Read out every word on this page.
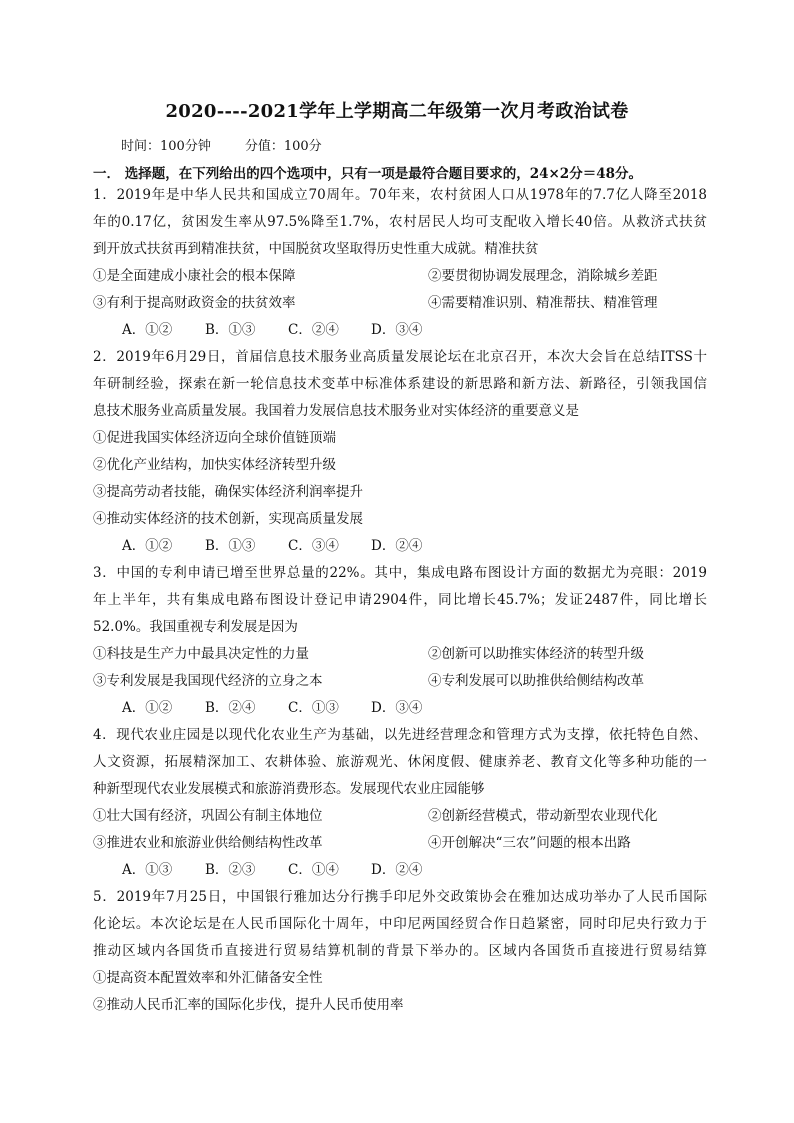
2020----2021学年上学期高二年级第一次月考政治试卷
时间：100分钟	分值：100分
一． 选择题，在下列给出的四个选项中，只有一项是最符合题目要求的，24×2分＝48分。
1．2019年是中华人民共和国成立70周年。70年来，农村贫困人口从1978年的7.7亿人降至2018
年的0.17亿，贫困发生率从97.5%降至1.7%，农村居民人均可支配收入增长40倍。从救济式扶贫
到开放式扶贫再到精准扶贫，中国脱贫攻坚取得历史性重大成就。精准扶贫
①是全面建成小康社会的根本保障	②要贯彻协调发展理念，消除城乡差距
③有利于提高财政资金的扶贫效率	④需要精准识别、精准帮扶、精准管理
A．①②	B．①③	C．②④	D．③④
2．2019年6月29日，首届信息技术服务业高质量发展论坛在北京召开，本次大会旨在总结ITSS十
年研制经验，探索在新一轮信息技术变革中标准体系建设的新思路和新方法、新路径，引领我国信
息技术服务业高质量发展。我国着力发展信息技术服务业对实体经济的重要意义是
①促进我国实体经济迈向全球价值链顶端
②优化产业结构，加快实体经济转型升级
③提高劳动者技能，确保实体经济利润率提升
④推动实体经济的技术创新，实现高质量发展
A．①②	B．①③	C．③④	D．②④
3．中国的专利申请已增至世界总量的22%。其中，集成电路布图设计方面的数据尤为亮眼：2019
年上半年，共有集成电路布图设计登记申请2904件，同比增长45.7%；发证2487件，同比增长
52.0%。我国重视专利发展是因为
①科技是生产力中最具决定性的力量	②创新可以助推实体经济的转型升级
③专利发展是我国现代经济的立身之本	④专利发展可以助推供给侧结构改革
A．①②	B．②④	C．①③	D．③④
4．现代农业庄园是以现代化农业生产为基础，以先进经营理念和管理方式为支撑，依托特色自然、
人文资源，拓展精深加工、农耕体验、旅游观光、休闲度假、健康养老、教育文化等多种功能的一
种新型现代农业发展模式和旅游消费形态。发展现代农业庄园能够
①壮大国有经济，巩固公有制主体地位	②创新经营模式，带动新型农业现代化
③推进农业和旅游业供给侧结构性改革	④开创解决“三农”问题的根本出路
A．①③	B．②③	C．①④	D．②④
5．2019年7月25日，中国银行雅加达分行携手印尼外交政策协会在雅加达成功举办了人民币国际
化论坛。本次论坛是在人民币国际化十周年，中印尼两国经贸合作日趋紧密，同时印尼央行致力于
推动区域内各国货币直接进行贸易结算机制的背景下举办的。区域内各国货币直接进行贸易结算
①提高资本配置效率和外汇储备安全性
②推动人民币汇率的国际化步伐，提升人民币使用率
